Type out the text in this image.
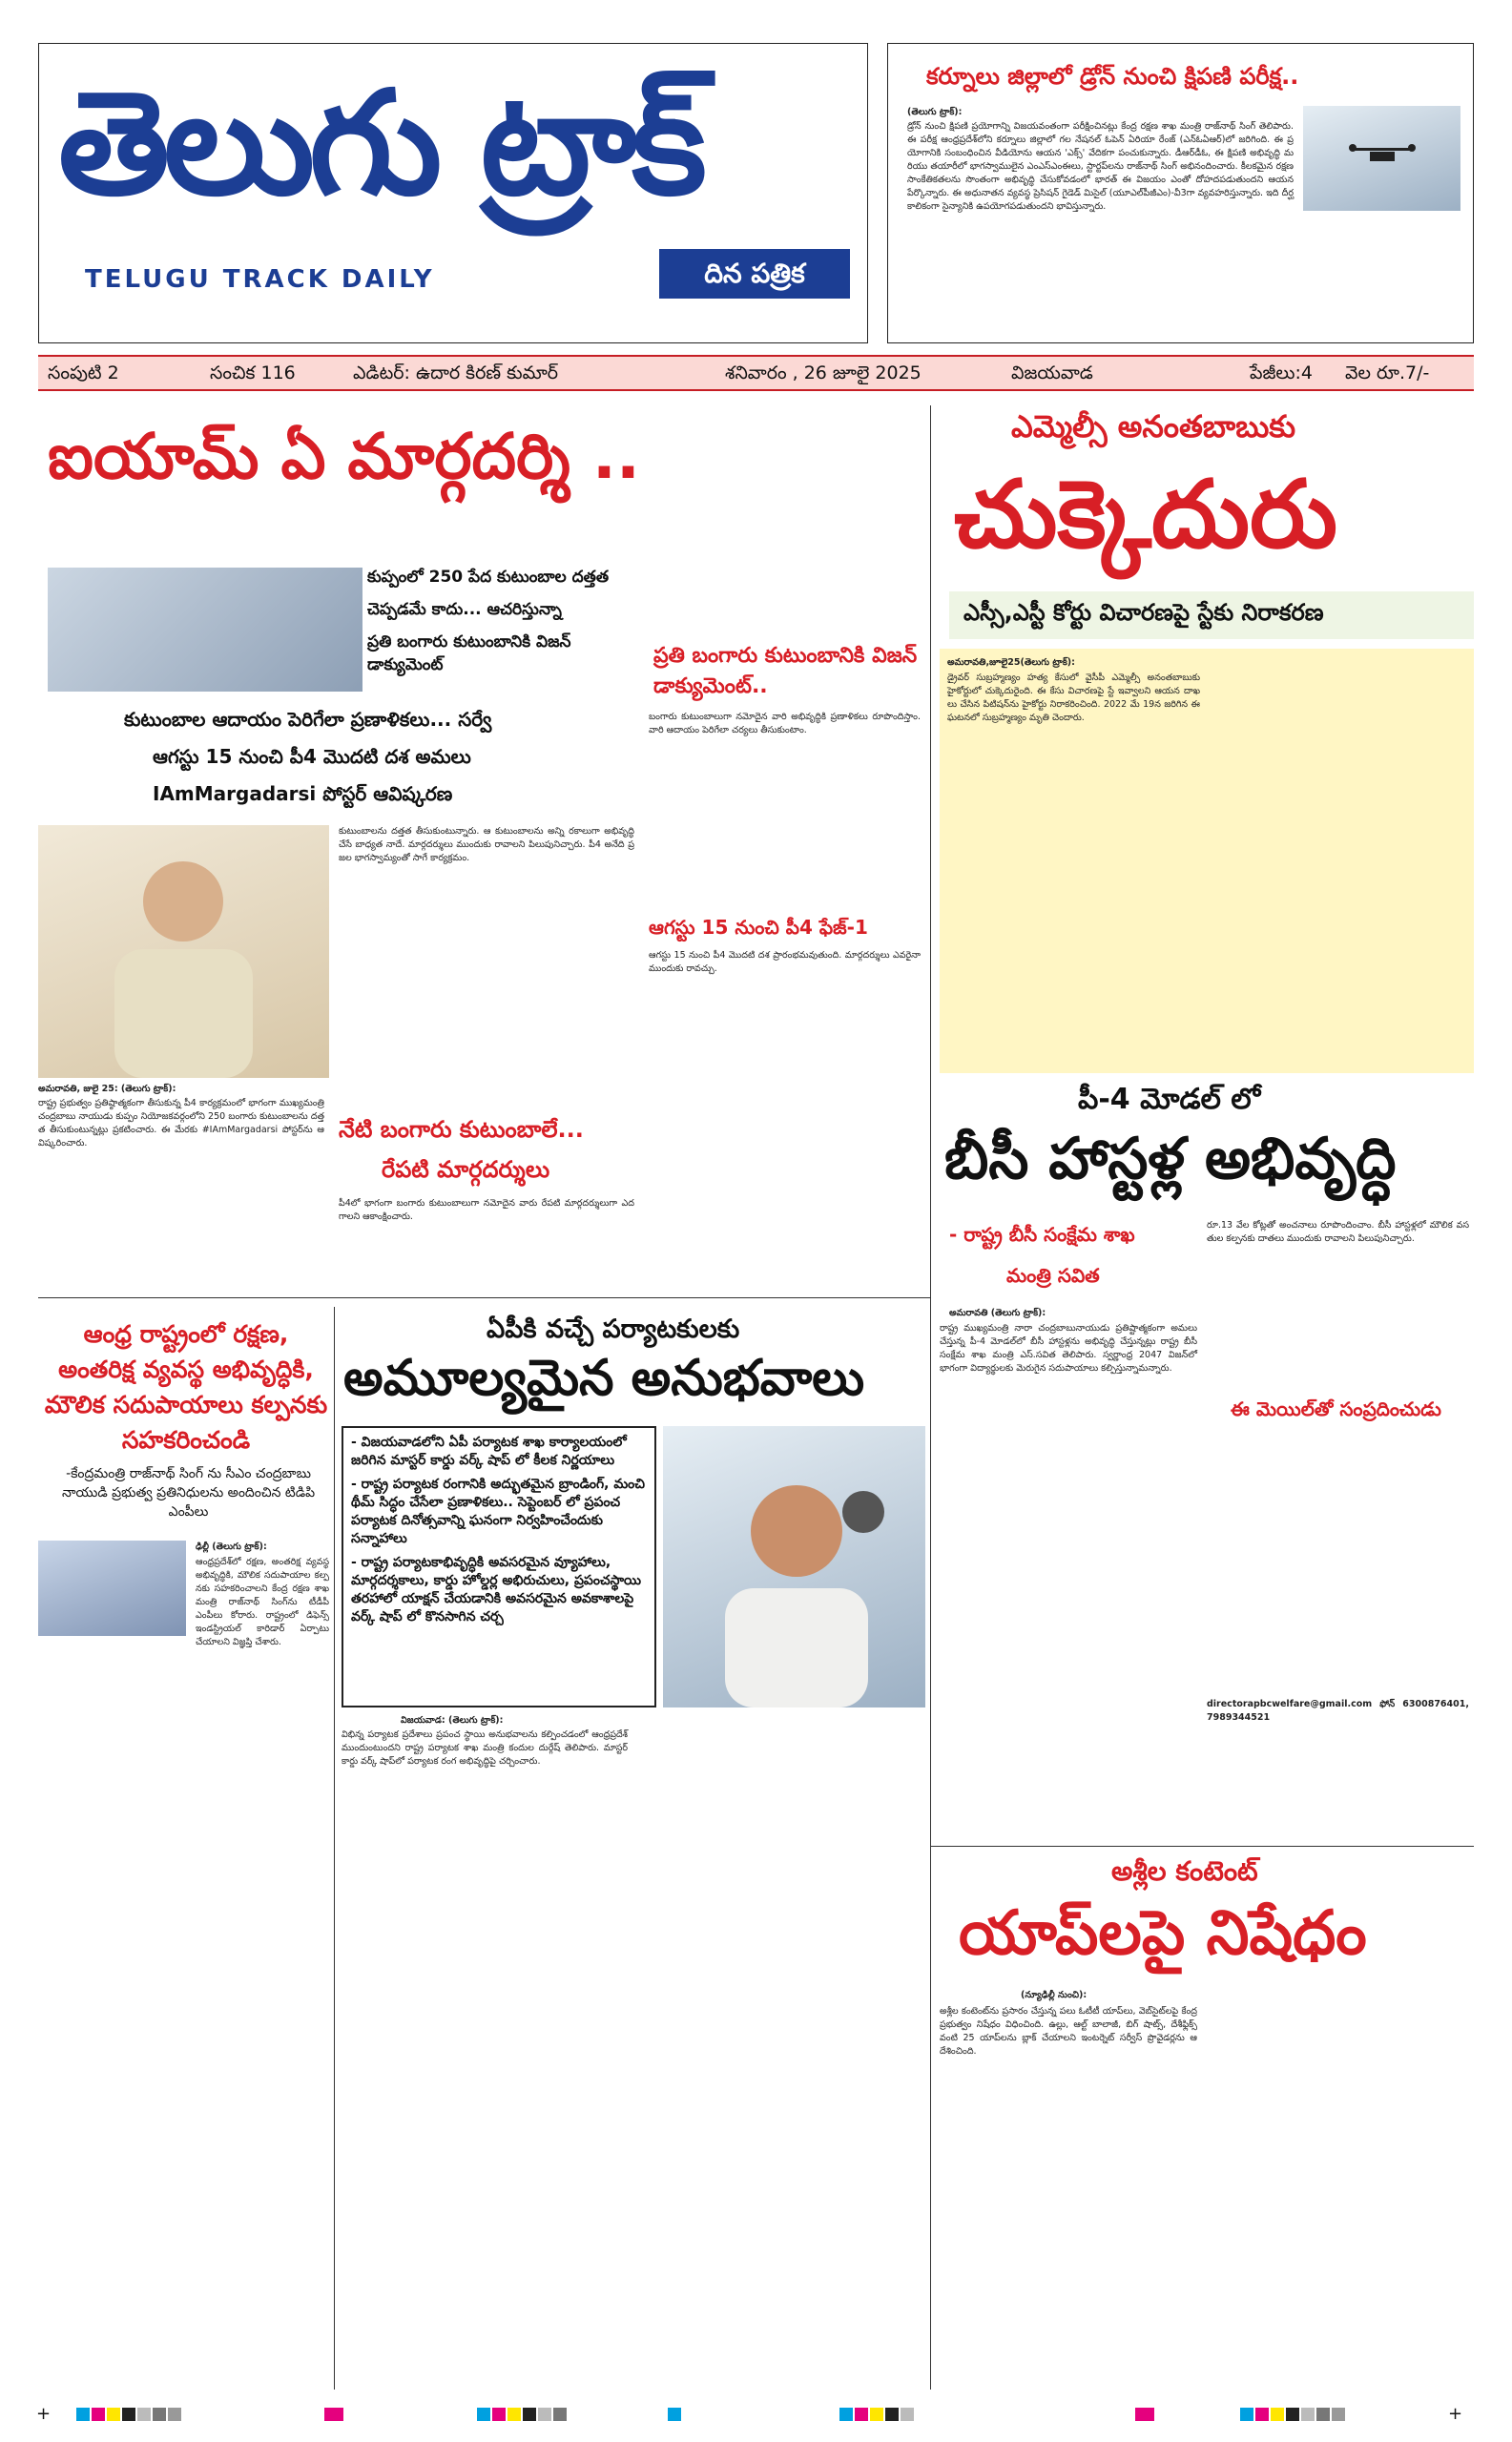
తెలుగు ట్రాక్
TELUGU TRACK DAILY	దిన పత్రిక
కర్నూలు జిల్లాలో డ్రోన్ నుంచి క్షిపణి పరీక్ష..
(తెలుగు ట్రాక్):
డ్రోన్ నుంచి క్షిపణి ప్రయోగాన్ని విజయవంతంగా పరీక్షించినట్లు కేంద్ర రక్షణ శాఖ మంత్రి రాజ్‌నాథ్ సింగ్ తెలిపారు. ఈ పరీక్ష ఆంధ్రప్రదేశ్‌లోని కర్నూలు జిల్లాలో గల నేషనల్ ఓపెన్ ఏరియా రేంజ్ (ఎన్ఓఏఆర్)లో జరిగింది. ఈ ప్రయోగానికి సంబంధించిన వీడియోను ఆయన 'ఎక్స్' వేదికగా పంచుకున్నారు. డీఆర్‌డీఓ, ఈ క్షిపణి అభివృద్ధి మరియు తయారీలో భాగస్వాములైన ఎంఎస్ఎంఈలు, స్టార్టప్‌లను రాజ్‌నాథ్ సింగ్ అభినందించారు. కీలకమైన రక్షణ సాంకేతికతలను సొంతంగా అభివృద్ధి చేసుకోవడంలో భారత్ ఈ విజయం ఎంతో దోహదపడుతుందని ఆయన పేర్కొన్నారు. ఈ అధునాతన వ్యవస్థ ప్రెసిషన్ గైడెడ్ మిసైల్ (యూఎల్‌పీజీఎం)-వీ3గా వ్యవహరిస్తున్నారు. ఇది దీర్ఘకాలికంగా సైన్యానికి ఉపయోగపడుతుందని భావిస్తున్నారు.
సంపుటి 2	సంచిక 116	ఎడిటర్: ఉదార కిరణ్ కుమార్	శనివారం , 26 జూలై 2025	విజయవాడ	పేజీలు:4 వెల రూ.7/-
ఐయామ్ ఏ మార్గదర్శి ..
కుప్పంలో 250 పేద కుటుంబాల దత్తత
చెప్పడమే కాదు... ఆచరిస్తున్నా
ప్రతి బంగారు కుటుంబానికి విజన్ డాక్యుమెంట్
కుటుంబాల ఆదాయం పెరిగేలా ప్రణాళికలు... సర్వే
ఆగస్టు 15 నుంచి పీ4 మొదటి దశ అమలు
IAmMargadarsi పోస్టర్ ఆవిష్కరణ
కుటుంబాలను దత్తత తీసుకుంటున్నారు. ఆ కుటుంబాలను అన్ని రకాలుగా అభివృద్ధి చేసే బాధ్యత నాదే. మార్గదర్శులు ముందుకు రావాలని పిలుపునిచ్చారు. పీ4 అనేది ప్రజల భాగస్వామ్యంతో సాగే కార్యక్రమం.
అమరావతి, జులై 25: (తెలుగు ట్రాక్):
రాష్ట్ర ప్రభుత్వం ప్రతిష్ఠాత్మకంగా తీసుకున్న పీ4 కార్యక్రమంలో భాగంగా ముఖ్యమంత్రి చంద్రబాబు నాయుడు కుప్పం నియోజకవర్గంలోని 250 బంగారు కుటుంబాలను దత్తత తీసుకుంటున్నట్లు ప్రకటించారు. ఈ మేరకు #IAmMargadarsi పోస్టర్‌ను ఆవిష్కరించారు.
నేటి బంగారు కుటుంబాలే...
రేపటి మార్గదర్శులు
పీ4లో భాగంగా బంగారు కుటుంబాలుగా నమోదైన వారు రేపటి మార్గదర్శులుగా ఎదగాలని ఆకాంక్షించారు.
ప్రతి బంగారు కుటుంబానికి విజన్ డాక్యుమెంట్..
బంగారు కుటుంబాలుగా నమోదైన వారి అభివృద్ధికి ప్రణాళికలు రూపొందిస్తాం. వారి ఆదాయం పెరిగేలా చర్యలు తీసుకుంటాం.
ఆగస్టు 15 నుంచి పీ4 ఫేజ్-1
ఆగస్టు 15 నుంచి పీ4 మొదటి దశ ప్రారంభమవుతుంది. మార్గదర్శులు ఎవరైనా ముందుకు రావచ్చు.
ఎమ్మెల్సీ అనంతబాబుకు
చుక్కెదురు
ఎస్సీ,ఎస్టీ కోర్టు విచారణపై స్టేకు నిరాకరణ
అమరావతి,జూలై25(తెలుగు ట్రాక్):
డ్రైవర్ సుబ్రహ్మణ్యం హత్య కేసులో వైసీపీ ఎమ్మెల్సీ అనంతబాబుకు హైకోర్టులో చుక్కెదురైంది. ఈ కేసు విచారణపై స్టే ఇవ్వాలని ఆయన దాఖలు చేసిన పిటిషన్‌ను హైకోర్టు నిరాకరించింది. 2022 మే 19న జరిగిన ఈ ఘటనలో సుబ్రహ్మణ్యం మృతి చెందారు.
పీ-4 మోడల్ లో
బీసీ హాస్టళ్ల అభివృద్ధి
- రాష్ట్ర బీసీ సంక్షేమ శాఖ
మంత్రి సవిత
రూ.13 వేల కోట్లతో అంచనాలు రూపొందించాం. బీసీ హాస్టళ్లలో మౌలిక వసతుల కల్పనకు దాతలు ముందుకు రావాలని పిలుపునిచ్చారు.
అమరావతి (తెలుగు ట్రాక్):
రాష్ట్ర ముఖ్యమంత్రి నారా చంద్రబాబునాయుడు ప్రతిష్టాత్మకంగా అమలు చేస్తున్న పీ-4 మోడల్‌లో బీసీ హాస్టళ్లను అభివృద్ధి చేస్తున్నట్లు రాష్ట్ర బీసీ సంక్షేమ శాఖ మంత్రి ఎస్.సవిత తెలిపారు. స్వర్ణాంధ్ర 2047 విజన్‌లో భాగంగా విద్యార్థులకు మెరుగైన సదుపాయాలు కల్పిస్తున్నామన్నారు.
ఈ మెయిల్‌తో సంప్రదించుడు
directorapbcwelfare@gmail.com ఫోన్ 6300876401, 7989344521
అశ్లీల కంటెంట్
యాప్‌లపై నిషేధం
(న్యూఢిల్లీ నుంచి):
అశ్లీల కంటెంట్‌ను ప్రసారం చేస్తున్న పలు ఓటీటీ యాప్‌లు, వెబ్‌సైట్‌లపై కేంద్ర ప్రభుత్వం నిషేధం విధించింది. ఉల్లు, ఆల్ట్ బాలాజీ, బిగ్ షాట్స్, దేశీఫ్లిక్స్ వంటి 25 యాప్‌లను బ్లాక్ చేయాలని ఇంటర్నెట్ సర్వీస్ ప్రొవైడర్లను ఆదేశించింది.
ఆంధ్ర రాష్ట్రంలో రక్షణ, అంతరిక్ష వ్యవస్థ అభివృద్ధికి, మౌలిక సదుపాయాలు కల్పనకు సహకరించండి
-కేంద్రమంత్రి రాజ్‌నాథ్ సింగ్ ను సీఎం చంద్రబాబు నాయుడి ప్రభుత్వ ప్రతినిధులను అందించిన టిడిపి ఎంపీలు
ఢిల్లీ (తెలుగు ట్రాక్):
ఆంధ్రప్రదేశ్‌లో రక్షణ, అంతరిక్ష వ్యవస్థ అభివృద్ధికి, మౌలిక సదుపాయాల కల్పనకు సహకరించాలని కేంద్ర రక్షణ శాఖ మంత్రి రాజ్‌నాథ్ సింగ్‌ను టీడీపీ ఎంపీలు కోరారు. రాష్ట్రంలో డిఫెన్స్ ఇండస్ట్రియల్ కారిడార్ ఏర్పాటు చేయాలని విజ్ఞప్తి చేశారు.
ఏపీకి వచ్చే పర్యాటకులకు
అమూల్యమైన అనుభవాలు
- విజయవాడలోని ఏపీ పర్యాటక శాఖ కార్యాలయంలో జరిగిన మాస్టర్ కార్డు వర్క్ షాప్ లో కీలక నిర్ణయాలు
- రాష్ట్ర పర్యాటక రంగానికి అద్భుతమైన బ్రాండింగ్, మంచి థీమ్ సిద్ధం చేసేలా ప్రణాళికలు.. సెప్టెంబర్ లో ప్రపంచ పర్యాటక దినోత్సవాన్ని ఘనంగా నిర్వహించేందుకు సన్నాహాలు
- రాష్ట్ర పర్యాటకాభివృద్ధికి అవసరమైన వ్యూహాలు, మార్గదర్శకాలు, కార్డు హోల్డర్ల అభిరుచులు, ప్రపంచస్థాయి తరహాలో యాక్షన్ చేయడానికి అవసరమైన అవకాశాలపై వర్క్ షాప్ లో కొనసాగిన చర్చ
విజయవాడ: (తెలుగు ట్రాక్):
విభిన్న పర్యాటక ప్రదేశాలు ప్రపంచ స్థాయి అనుభవాలను కల్పించడంలో ఆంధ్రప్రదేశ్ ముందుంటుందని రాష్ట్ర పర్యాటక శాఖ మంత్రి కందుల దుర్గేష్ తెలిపారు. మాస్టర్ కార్డు వర్క్ షాప్‌లో పర్యాటక రంగ అభివృద్ధిపై చర్చించారు.
+	+
